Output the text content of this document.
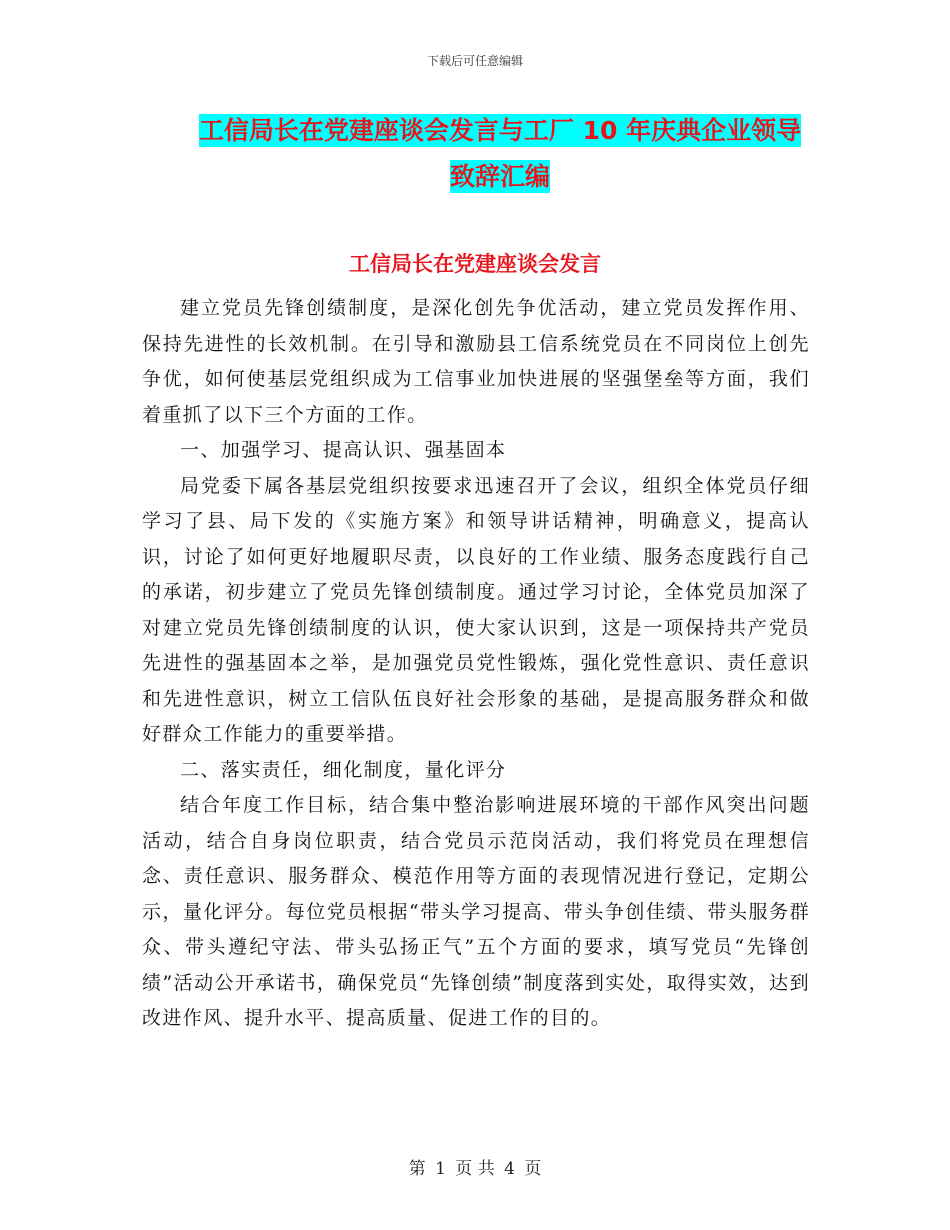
下载后可任意编辑
工信局长在党建座谈会发言与工厂 10 年庆典企业领导
致辞汇编
工信局长在党建座谈会发言

建立党员先锋创绩制度，是深化创先争优活动，建立党员发挥作用、保持先进性的长效机制。在引导和激励县工信系统党员在不同岗位上创先争优，如何使基层党组织成为工信事业加快进展的坚强堡垒等方面，我们着重抓了以下三个方面的工作。

一、加强学习、提高认识、强基固本

局党委下属各基层党组织按要求迅速召开了会议，组织全体党员仔细学习了县、局下发的《实施方案》和领导讲话精神，明确意义，提高认识，讨论了如何更好地履职尽责，以良好的工作业绩、服务态度践行自己的承诺，初步建立了党员先锋创绩制度。通过学习讨论，全体党员加深了对建立党员先锋创绩制度的认识，使大家认识到，这是一项保持共产党员先进性的强基固本之举，是加强党员党性锻炼，强化党性意识、责任意识和先进性意识，树立工信队伍良好社会形象的基础，是提高服务群众和做好群众工作能力的重要举措。

二、落实责任，细化制度，量化评分

结合年度工作目标，结合集中整治影响进展环境的干部作风突出问题活动，结合自身岗位职责，结合党员示范岗活动，我们将党员在理想信念、责任意识、服务群众、模范作用等方面的表现情况进行登记，定期公示，量化评分。每位党员根据“带头学习提高、带头争创佳绩、带头服务群众、带头遵纪守法、带头弘扬正气”五个方面的要求，填写党员“先锋创绩”活动公开承诺书，确保党员“先锋创绩”制度落到实处，取得实效，达到改进作风、提升水平、提高质量、促进工作的目的。

第 1 页 共 4 页
